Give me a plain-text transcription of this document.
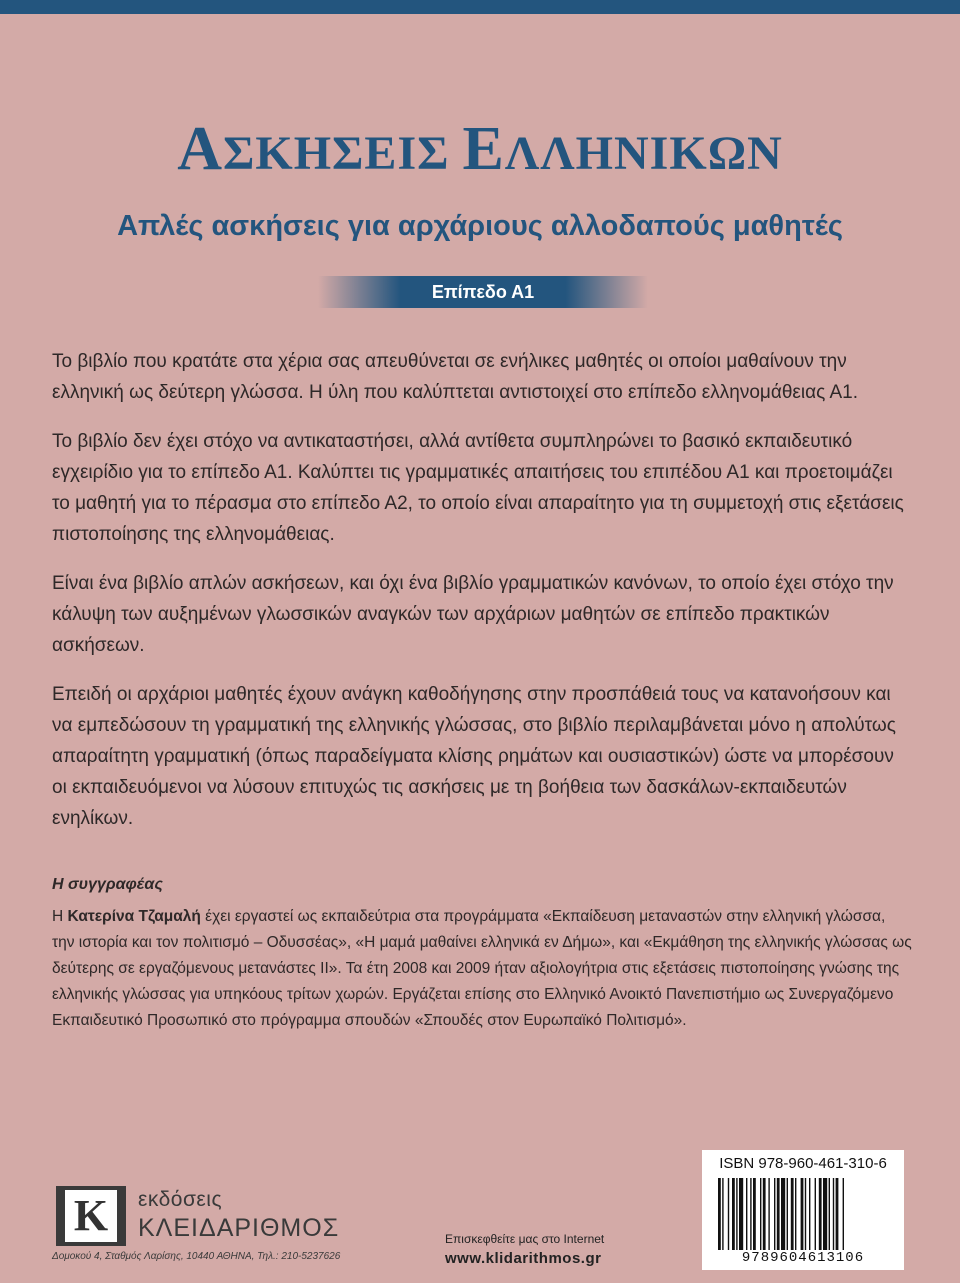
ΑΣΚΗΣΕΙΣ ΕΛΛΗΝΙΚΩΝ
Απλές ασκήσεις για αρχάριους αλλοδαπούς μαθητές
Επίπεδο Α1

Το βιβλίο που κρατάτε στα χέρια σας απευθύνεται σε ενήλικες μαθητές οι οποίοι μαθαίνουν την ελληνική ως δεύτερη γλώσσα. Η ύλη που καλύπτεται αντιστοιχεί στο επίπεδο ελληνομάθειας Α1.

Το βιβλίο δεν έχει στόχο να αντικαταστήσει, αλλά αντίθετα συμπληρώνει το βασικό εκπαιδευτικό εγχειρίδιο για το επίπεδο Α1. Καλύπτει τις γραμματικές απαιτήσεις του επιπέδου Α1 και προετοιμάζει το μαθητή για το πέρασμα στο επίπεδο Α2, το οποίο είναι απαραίτητο για τη συμμετοχή στις εξετάσεις πιστοποίησης της ελληνομάθειας.

Είναι ένα βιβλίο απλών ασκήσεων, και όχι ένα βιβλίο γραμματικών κανόνων, το οποίο έχει στόχο την κάλυψη των αυξημένων γλωσσικών αναγκών των αρχάριων μαθητών σε επίπεδο πρακτικών ασκήσεων.

Επειδή οι αρχάριοι μαθητές έχουν ανάγκη καθοδήγησης στην προσπάθειά τους να κατανοήσουν και να εμπεδώσουν τη γραμματική της ελληνικής γλώσσας, στο βιβλίο περιλαμβάνεται μόνο η απολύτως απαραίτητη γραμματική (όπως παραδείγματα κλίσης ρημάτων και ουσιαστικών) ώστε να μπορέσουν οι εκπαιδευόμενοι να λύσουν επιτυχώς τις ασκήσεις με τη βοήθεια των δασκάλων-εκπαιδευτών ενηλίκων.

Η συγγραφέας

Η Κατερίνα Τζαμαλή έχει εργαστεί ως εκπαιδεύτρια στα προγράμματα «Εκπαίδευση μεταναστών στην ελληνική γλώσσα, την ιστορία και τον πολιτισμό – Οδυσσέας», «Η μαμά μαθαίνει ελληνικά εν Δήμω», και «Εκμάθηση της ελληνικής γλώσσας ως δεύτερης σε εργαζόμενους μετανάστες ΙΙ». Τα έτη 2008 και 2009 ήταν αξιολογήτρια στις εξετάσεις πιστοποίησης γνώσης της ελληνικής γλώσσας για υπηκόους τρίτων χωρών. Εργάζεται επίσης στο Ελληνικό Ανοικτό Πανεπιστήμιο ως Συνεργαζόμενο Εκπαιδευτικό Προσωπικό στο πρόγραμμα σπουδών «Σπουδές στον Ευρωπαϊκό Πολιτισμό».

K	εκδόσεις
ΚΛΕΙΔΑΡΙΘΜΟΣ
Δομοκού 4, Σταθμός Λαρίσης, 10440 ΑΘΗΝΑ, Τηλ.: 210-5237626
Επισκεφθείτε μας στο Internet
www.klidarithmos.gr
ISBN 978-960-461-310-6
9789604613106
